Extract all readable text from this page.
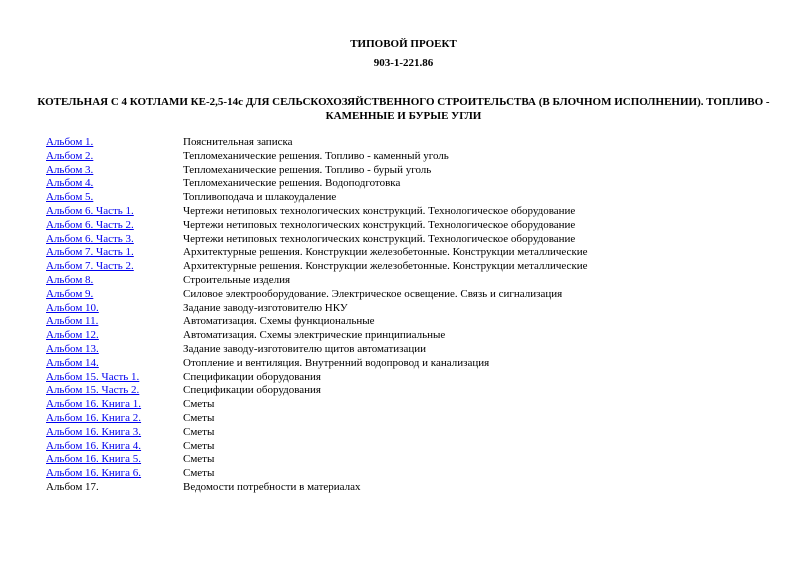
ТИПОВОЙ ПРОЕКТ
903-1-221.86
КОТЕЛЬНАЯ С 4 КОТЛАМИ КЕ-2,5-14с ДЛЯ СЕЛЬСКОХОЗЯЙСТВЕННОГО СТРОИТЕЛЬСТВА (В БЛОЧНОМ ИСПОЛНЕНИИ). ТОПЛИВО - КАМЕННЫЕ И БУРЫЕ УГЛИ
Альбом 1.	Пояснительная записка
Альбом 2.	Тепломеханические решения. Топливо - каменный уголь
Альбом 3.	Тепломеханические решения. Топливо - бурый уголь
Альбом 4.	Тепломеханические решения. Водоподготовка
Альбом 5.	Топливоподача и шлакоудаление
Альбом 6. Часть 1.	Чертежи нетиповых технологических конструкций. Технологическое оборудование
Альбом 6. Часть 2.	Чертежи нетиповых технологических конструкций. Технологическое оборудование
Альбом 6. Часть 3.	Чертежи нетиповых технологических конструкций. Технологическое оборудование
Альбом 7. Часть 1.	Архитектурные решения. Конструкции железобетонные. Конструкции металлические
Альбом 7. Часть 2.	Архитектурные решения. Конструкции железобетонные. Конструкции металлические
Альбом 8.	Строительные изделия
Альбом 9.	Силовое электрооборудование. Электрическое освещение. Связь и сигнализация
Альбом 10.	Задание заводу-изготовителю НКУ
Альбом 11.	Автоматизация. Схемы функциональные
Альбом 12.	Автоматизация. Схемы электрические принципиальные
Альбом 13.	Задание заводу-изготовителю щитов автоматизации
Альбом 14.	Отопление и вентиляция. Внутренний водопровод и канализация
Альбом 15. Часть 1.	Спецификации оборудования
Альбом 15. Часть 2.	Спецификации оборудования
Альбом 16. Книга 1.	Сметы
Альбом 16. Книга 2.	Сметы
Альбом 16. Книга 3.	Сметы
Альбом 16. Книга 4.	Сметы
Альбом 16. Книга 5.	Сметы
Альбом 16. Книга 6.	Сметы
Альбом 17.	Ведомости потребности в материалах
